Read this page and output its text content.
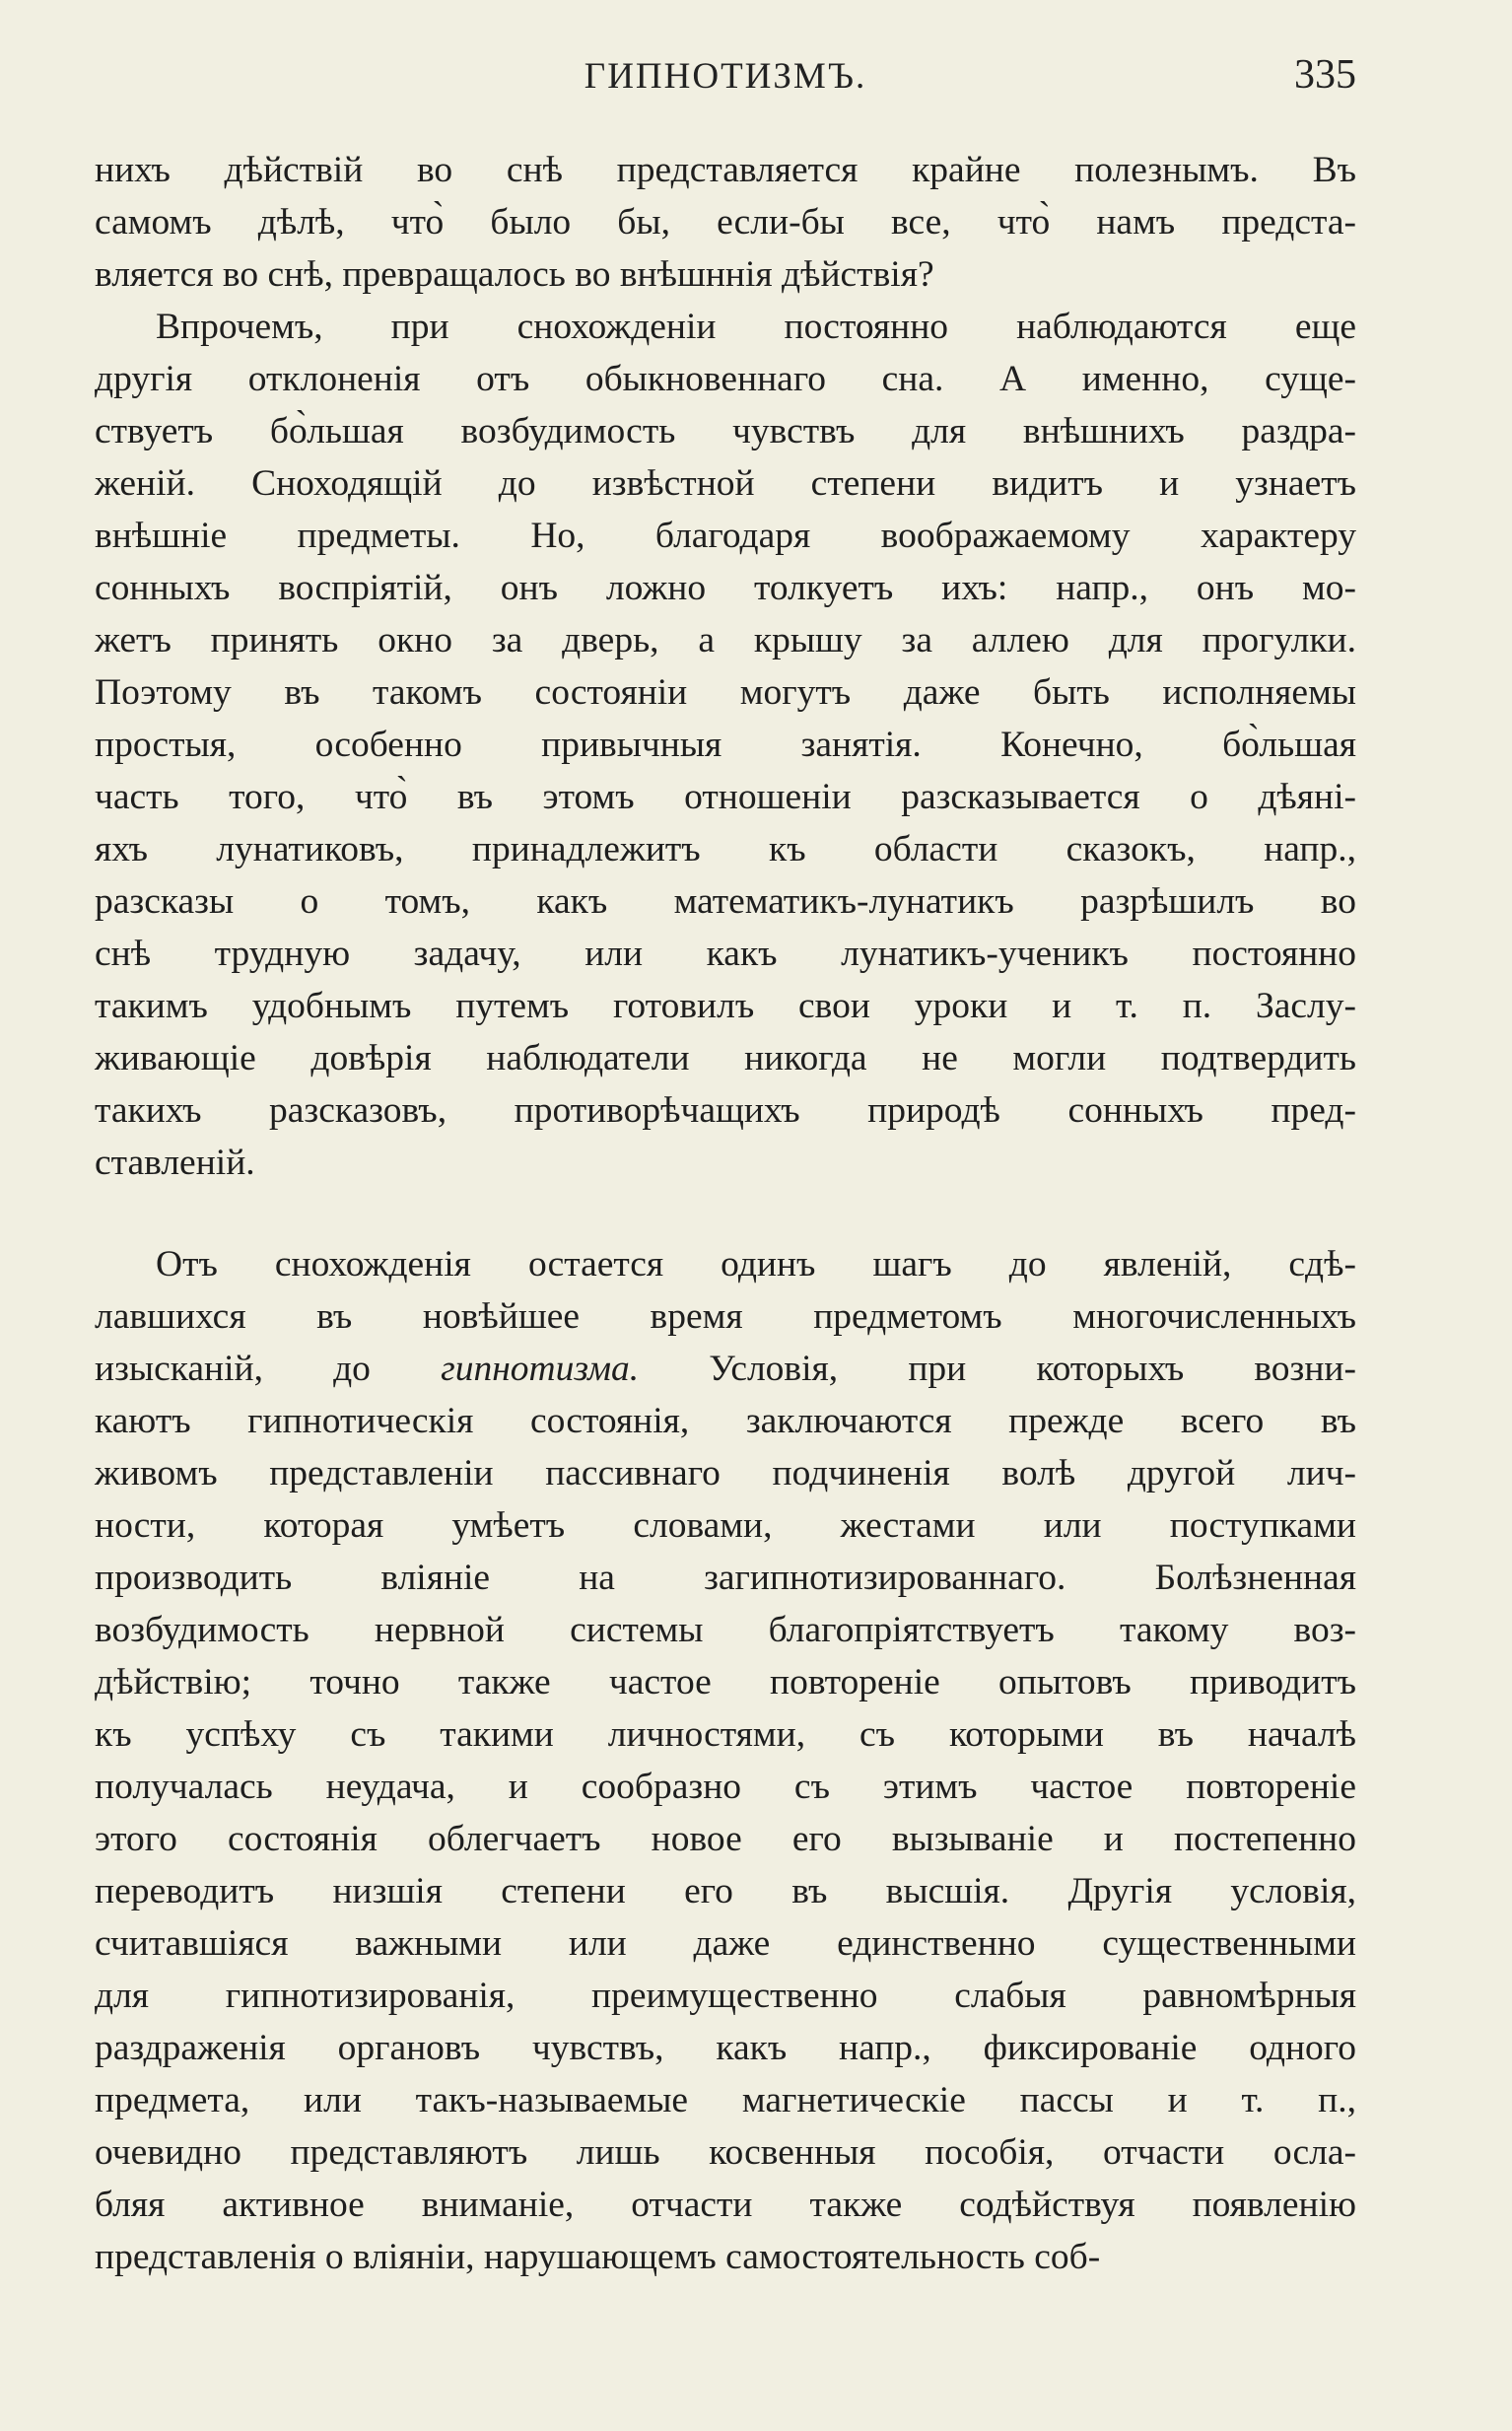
ГИПНОТИЗМЪ.	335
нихъ дѣйствій во снѣ представляется крайне полезнымъ. Въ
самомъ дѣлѣ, что̀ было бы, если-бы все, что̀ намъ предста-
вляется во снѣ, превращалось во внѣшннія дѣйствія?
Впрочемъ, при снохожденіи постоянно наблюдаются еще
другія отклоненія отъ обыкновеннаго сна. А именно, суще-
ствуетъ бо̀льшая возбудимость чувствъ для внѣшнихъ раздра-
женій. Сноходящій до извѣстной степени видитъ и узнаетъ
внѣшніе предметы. Но, благодаря воображаемому характеру
сонныхъ воспріятій, онъ ложно толкуетъ ихъ: напр., онъ мо-
жетъ принять окно за дверь, а крышу за аллею для прогулки.
Поэтому въ такомъ состояніи могутъ даже быть исполняемы
простыя, особенно привычныя занятія. Конечно, бо̀льшая
часть того, что̀ въ этомъ отношеніи разсказывается о дѣяні-
яхъ лунатиковъ, принадлежитъ къ области сказокъ, напр.,
разсказы о томъ, какъ математикъ-лунатикъ разрѣшилъ во
снѣ трудную задачу, или какъ лунатикъ-ученикъ постоянно
такимъ удобнымъ путемъ готовилъ свои уроки и т. п. Заслу-
живающіе довѣрія наблюдатели никогда не могли подтвердить
такихъ разсказовъ, противорѣчащихъ природѣ сонныхъ пред-
ставленій.
Отъ снохожденія остается одинъ шагъ до явленій, сдѣ-
лавшихся въ новѣйшее время предметомъ многочисленныхъ
изысканій, до гипнотизма. Условія, при которыхъ возни-
каютъ гипнотическія состоянія, заключаются прежде всего въ
живомъ представленіи пассивнаго подчиненія волѣ другой лич-
ности, которая умѣетъ словами, жестами или поступками
производить вліяніе на загипнотизированнаго. Болѣзненная
возбудимость нервной системы благопріятствуетъ такому воз-
дѣйствію; точно также частое повтореніе опытовъ приводитъ
къ успѣху съ такими личностями, съ которыми въ началѣ
получалась неудача, и сообразно съ этимъ частое повтореніе
этого состоянія облегчаетъ новое его вызываніе и постепенно
переводитъ низшія степени его въ высшія. Другія условія,
считавшіяся важными или даже единственно существенными
для гипнотизированія, преимущественно слабыя равномѣрныя
раздраженія органовъ чувствъ, какъ напр., фиксированіе одного
предмета, или такъ-называемые магнетическіе пассы и т. п.,
очевидно представляютъ лишь косвенныя пособія, отчасти осла-
бляя активное вниманіе, отчасти также содѣйствуя появленію
представленія о вліяніи, нарушающемъ самостоятельность соб-
